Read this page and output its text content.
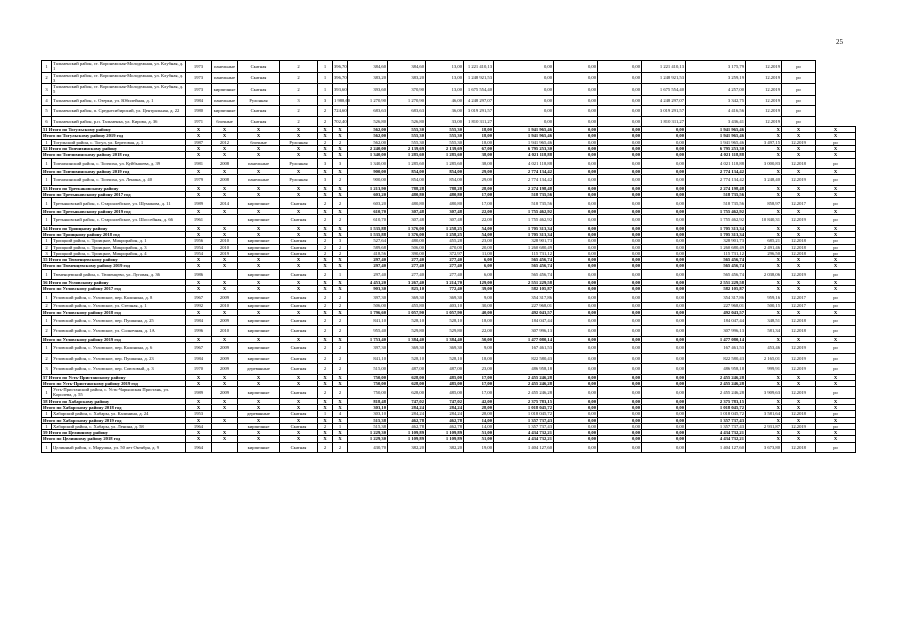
25
1	Тальменский район, ст. Воронежская-Молодежная, ул. Клубная, д. 1	1973	панельные	Скатная	2	1	396,70	384,60	384,60	13,00	1 221 410,13	0,00	0,00	0,00	1 221 410,13	3 175,79	12.2019	ро	
2	Тальменский район, ст. Воронежская-Молодежная, ул. Клубная, д. 3	1973	панельные	Скатная	2	1	396,70	383,20	383,20	13,00	1 248 921,53	0,00	0,00	0,00	1 248 921,53	3 259,19	12.2019	ро	
3	Тальменский район, ст. Воронежская-Молодежная, ул. Клубная, д. 5	1973	кирпичные	Скатная	2	1	393,60	393,60	370,90	13,00	1 675 554,40	0,00	0,00	0,00	1 675 554,40	4 257,00	12.2019	ро	
4	Тальменский район, с. Озерки, ул. Юбилейная, д. 1	1984	панельные	Рулонная	3	3	1 988,60	1 270,90	1 270,90	46,00	4 248 297,07	0,00	0,00	0,00	4 248 297,07	3 342,75	12.2019	ро	
5	Тальменский район, п. Среднесибирский, ул. Центральная, д. 22	1980	кирпичные	Скатная	2	2	724,60	683,63	683,63	36,00	3 019 291,57	0,00	0,00	0,00	3 019 291,57	4 416,56	12.2019	ро	
6	Тальменский район, р.п. Тальменка, ул. Кирова, д. 36	1971	блочные	Скатная	2	2	702,40	526,80	526,80	33,00	1 810 311,27	0,00	0,00	0,00	1 810 311,27	3 436,41	12.2019	ро	
51 Итого по Тогульскому району		Х	Х	Х	Х	Х	Х	562,00	555,30	555,30	18,00	1 941 965,46	0,00	0,00	0,00	1 941 965,46	Х	Х	Х
Итого по Тогульскому району 2019 год		Х	Х	Х	Х	Х	Х	562,00	555,30	555,30	18,00	1 941 965,46	0,00	0,00	0,00	1 941 965,46	Х	Х	Х
1	Тогульский район, с. Тогул, ул. Береговая, д. 1	1987	2012	блочные	Рулонная	2	2	562,00	555,30	555,30	18,00	1 941 965,46	0,00	0,00	0,00	1 941 965,46	3 497,15	12.2019	ро
52 Итого по Топчихинскому району		Х	Х	Х	Х	Х	Х	2 240,00	2 139,69	2 139,69	67,00	6 795 253,30	0,00	0,00	0,00	6 795 253,30	Х	Х	Х
Итого по Топчихинскому району 2018 год		Х	Х	Х	Х	Х	Х	1 340,00	1 285,60	1 285,60	38,00	4 021 118,88	0,00	0,00	0,00	4 021 118,88	Х	Х	Х
1	Топчихинский район, с. Топчиха, ул. Куйбышева, д. 39	1981	2008	панельные	Рулонная	3	3	1 340,00	1 285,60	1 285,60	38,00	4 021 118,88	0,00	0,00	0,00	4 021 118,88	3 000,83	12.2018	ро
Итого по Топчихинскому району 2019 год		Х	Х	Х	Х	Х	Х	900,00	854,00	854,00	29,00	2 774 134,42	0,00	0,00	0,00	2 774 134,42	Х	Х	Х
1	Топчихинский район, с. Топчиха, ул. Ленина, д. 40	1979	2008	панельные	Рулонная	3	2	900,00	854,00	854,00	29,00	2 774 134,42	0,00	0,00	0,00	2 774 134,42	3 248,40	12.2019	ро
53 Итого по Третьяковскому району		Х	Х	Х	Х	Х	Х	1 213,90	788,28	788,28	28,00	2 274 198,48	0,00	0,00	0,00	2 274 198,48	Х	Х	Х
Итого по Третьяковскому району 2017 год		Х	Х	Х	Х	Х	Х	603,20	480,80	480,80	17,00	518 735,56	0,00	0,00	0,00	518 735,56	Х	Х	Х
1	Третьяковский район, с. Староалейское, ул. Шумакова, д. 11	1989	2014	кирпичные	Скатная	2	2	603,20	480,80	480,80	17,00	518 735,56	0,00	0,00	0,00	518 735,56	858,97	12.2017	ро
Итого по Третьяковскому району 2019 год		Х	Х	Х	Х	Х	Х	610,70	307,48	307,48	22,00	1 755 462,92	0,00	0,00	0,00	1 755 462,92	Х	Х	Х
1	Третьяковский район, с. Староалейское, ул. Шоссейная, д. 66	1961		кирпичные	Скатная	2	2	610,70	307,48	307,48	22,00	1 755 462,92	0,00	0,00	0,00	1 755 462,92	10 840,31	12.2019	ро
54 Итого по Троицкому району		Х	Х	Х	Х	Х	Х	1 535,88	1 376,00	1 258,25	54,00	1 705 313,34	0,00	0,00	0,00	1 705 313,34	Х	Х	Х
Итого по Троицкому району 2018 год		Х	Х	Х	Х	Х	Х	1 535,88	1 376,00	1 258,25	54,00	1 705 313,34	0,00	0,00	0,00	1 705 313,34	Х	Х	Х
1	Троицкий район, с. Троицкое, Микрорайон, д. 1	1956	2010	кирпичные	Скатная	2	3	527,64	480,00	455,28	23,00	328 901,73	0,00	0,00	0,00	328 901,73	685,21	12.2018	ро
2	Троицкий район, с. Троицкое, Микрорайон, д. 3	1954	2010	кирпичные	Скатная	2	2	589,68	506,00	470,00	20,00	1 260 680,49	0,00	0,00	0,00	1 260 680,49	2 491,46	12.2018	ро
3	Троицкий район, с. Троицкое, Микрорайон, д. 4	1954	2019	кирпичные	Скатная	2	2	418,56	390,00	372,97	11,00	115 731,12	0,00	0,00	0,00	115 731,12	296,50	12.2018	ро
55 Итого по Тюменцевскому району		Х	Х	Х	Х	Х	Х	297,40	277,40	277,40	6,00	565 456,74	0,00	0,00	0,00	565 456,74	Х	Х	Х
Итого по Тюменцевскому району 2019 год		Х	Х	Х	Х	Х	Х	297,40	277,40	277,40	6,00	565 456,74	0,00	0,00	0,00	565 456,74	Х	Х	Х
1	Тюменцевский район, с. Тюменцево, ул. Луговая, д. 36	1986		кирпичные	Скатная	2	1	297,40	277,40	277,40	6,00	565 456,74	0,00	0,00	0,00	565 456,74	2 038,06	12.2019	ро
56 Итого по Угловскому району		Х	Х	Х	Х	Х	Х	4 453,20	3 267,40	3 214,70	129,00	2 551 229,58	0,00	0,00	0,00	2 551 229,58	Х	Х	Х
Итого по Угловскому району 2017 год		Х	Х	Х	Х	Х	Х	903,30	825,10	772,40	39,00	582 105,87	0,00	0,00	0,00	582 105,87	Х	Х	Х
1	Угловский район, с. Угловское, пер. Калинина, д. 8	1967	2009	кирпичные	Скатная	2	2	397,30	369,30	369,30	9,00	354 317,86	0,00	0,00	0,00	354 317,86	959,16	12.2017	ро
2	Угловский район, с. Угловское, ул. Степная, д. 1	1992	2010	кирпичные	Скатная	2	2	506,00	455,80	403,10	30,00	227 968,01	0,00	0,00	0,00	227 968,01	500,15	12.2017	ро
Итого по Угловскому району 2018 год		Х	Х	Х	Х	Х	Х	1 796,60	1 057,90	1 057,90	40,00	492 043,57	0,00	0,00	0,00	492 043,57	Х	Х	Х
1	Угловский район, с. Угловское, пер. Пушкина, д. 25	1984	2009	кирпичные	Скатная	2	2	841,10	528,10	528,10	18,00	184 047,44	0,00	0,00	0,00	184 047,44	348,51	12.2018	ро
2	Угловский район, с. Угловское, ул. Солнечная, д. 1А	1996	2010	кирпичные	Скатная	2	2	955,40	529,80	529,80	22,00	307 996,13	0,00	0,00	0,00	307 996,13	581,34	12.2018	ро
Итого по Угловскому району 2019 год		Х	Х	Х	Х	Х	Х	1 753,40	1 384,40	1 384,40	50,00	1 477 080,14	0,00	0,00	0,00	1 477 080,14	Х	Х	Х
1	Угловский район, с. Угловское, пер. Калинина, д. 6	1967	2009	кирпичные	Скатная	2	2	397,30	369,30	369,30	9,00	167 461,53	0,00	0,00	0,00	167 461,53	453,46	12.2019	ро
2	Угловский район, с. Угловское, пер. Пушкина, д. 23	1984	2009	кирпичные	Скатная	2	2	841,10	528,10	528,10	18,00	822 580,43	0,00	0,00	0,00	822 580,43	2 165,01	12.2019	ро
3	Угловский район, с. Угловское, пер. Союзовый, д. 3	1970	2009	деревянные	Скатная	2	2	515,00	487,00	487,00	23,00	486 958,18	0,00	0,00	0,00	486 958,18	999,91	12.2019	ро
57 Итого по Усть-Пристанскому району		Х	Х	Х	Х	Х	Х	750,00	628,00	485,00	17,00	2 455 246,28	0,00	0,00	0,00	2 455 246,28	Х	Х	Х
Итого по Усть-Пристанскому району 2019 год		Х	Х	Х	Х	Х	Х	750,00	628,00	485,00	17,00	2 455 246,28	0,00	0,00	0,00	2 455 246,28	Х	Х	Х
1	Усть-Пристанский район, с. Усть-Чарышская Пристань, ул. Королева, д. 55	1989	2009	кирпичные	Скатная	2	2	750,00	628,00	485,00	17,00	2 455 246,28	0,00	0,00	0,00	2 455 246,28	3 909,63	12.2019	ро
58 Итого по Хабарскому району		Х	Х	Х	Х	Х	Х	818,48	747,02	747,02	42,00	2 375 783,15	0,00	0,00	0,00	2 375 783,15	Х	Х	Х
Итого по Хабарскому району 2018 год		Х	Х	Х	Х	Х	Х	303,10	284,24	284,24	28,00	1 018 045,72	0,00	0,00	0,00	1 018 045,72	Х	Х	Х
1	Хабарский район, с. Хабары, ул. Калинина, д. 24	1953		деревянные	Скатная	1	4	303,10	284,24	284,24	28,00	1 018 045,72	0,00	0,00	0,00	1 018 045,72	3 581,64	12.2018	ро
Итого по Хабарскому району 2019 год		Х	Х	Х	Х	Х	Х	515,38	462,78	462,78	14,00	1 357 737,43	0,00	0,00	0,00	1 357 737,43	Х	Х	Х
1	Хабарский район, с. Хабары, ул. Ленина, д. 58	1964		кирпичные	Скатная	2	1	515,38	462,78	462,78	14,00	1 357 737,43	0,00	0,00	0,00	1 357 737,43	2 931,87	12.2019	ро
59 Итого по Целинному району		Х	Х	Х	Х	Х	Х	1 229,30	1 109,89	1 109,89	51,00	4 434 732,21	0,00	0,00	0,00	4 434 732,21	Х	Х	Х
Итого по Целинному району 2018 год		Х	Х	Х	Х	Х	Х	1 229,30	1 109,89	1 109,89	51,00	4 434 732,21	0,00	0,00	0,00	4 434 732,21	Х	Х	Х
1	Целинный район, с. Марушка, ул. 50 лет Октября, д. 9	1964		кирпичные	Скатная	2	2	430,70	382,20	382,20	19,00	1 404 127,60	0,00	0,00	0,00	1 404 127,60	3 673,80	12.2018	ро
